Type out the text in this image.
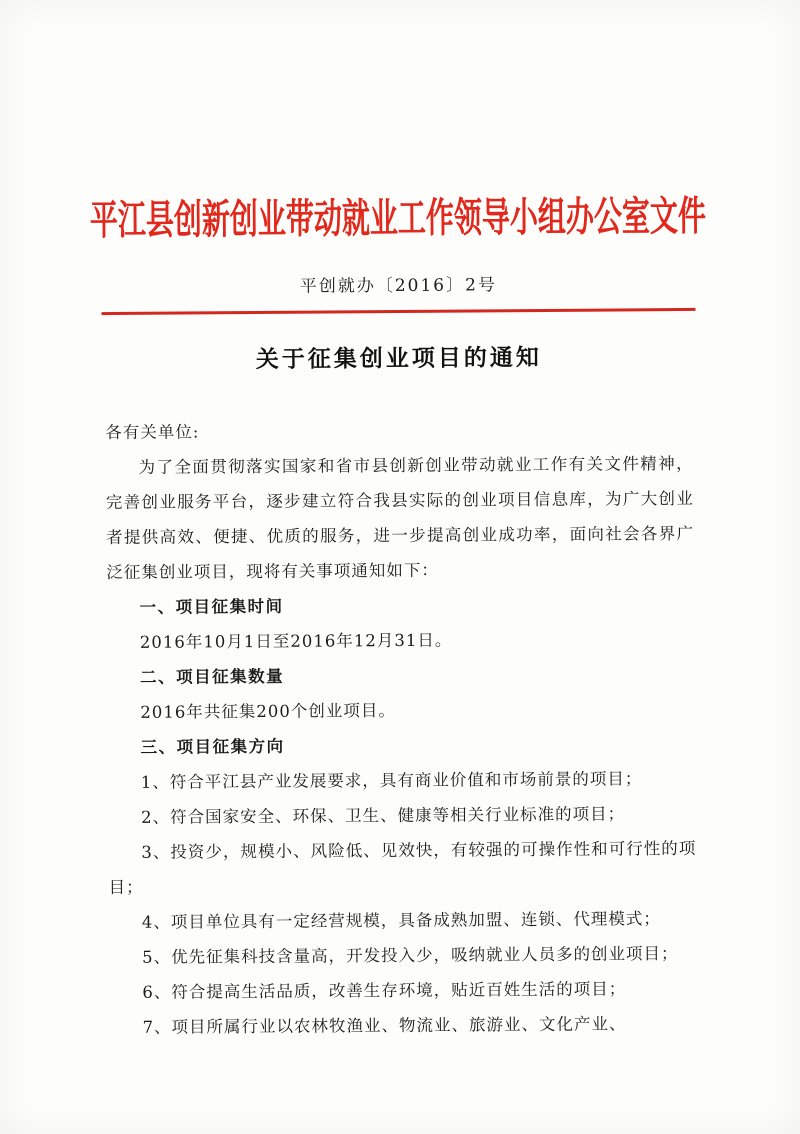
平江县创新创业带动就业工作领导小组办公室文件

平创就办〔2016〕2号

关于征集创业项目的通知

各有关单位:

为了全面贯彻落实国家和省市县创新创业带动就业工作有关文件精神，完善创业服务平台，逐步建立符合我县实际的创业项目信息库，为广大创业者提供高效、便捷、优质的服务，进一步提高创业成功率，面向社会各界广泛征集创业项目，现将有关事项通知如下：

一、项目征集时间

2016年10月1日至2016年12月31日。

二、项目征集数量

2016年共征集200个创业项目。

三、项目征集方向

1、符合平江县产业发展要求，具有商业价值和市场前景的项目；

2、符合国家安全、环保、卫生、健康等相关行业标准的项目；

3、投资少，规模小、风险低、见效快，有较强的可操作性和可行性的项目；

4、项目单位具有一定经营规模，具备成熟加盟、连锁、代理模式；

5、优先征集科技含量高，开发投入少，吸纳就业人员多的创业项目；

6、符合提高生活品质，改善生存环境，贴近百姓生活的项目；

7、项目所属行业以农林牧渔业、物流业、旅游业、文化产业、
